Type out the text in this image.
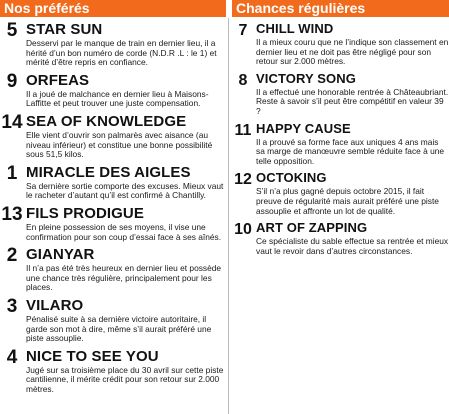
Nos préférés
5 STAR SUN
Desservi par le manque de train en dernier lieu, il a hérité d’un bon numéro de corde (N.D.R .L : le 1) et mérité d’être repris en confiance.
9 ORFEAS
Il a joué de malchance en dernier lieu à Maisons-Laffitte et peut trouver une juste compensation.
14 SEA OF KNOWLEDGE
Elle vient d’ouvrir son palmarès avec aisance (au niveau inférieur) et constitue une bonne possibilité sous 51,5 kilos.
1 MIRACLE DES AIGLES
Sa dernière sortie comporte des excuses. Mieux vaut le racheter d’autant qu’il est confirmé à Chantilly.
13 FILS PRODIGUE
En pleine possession de ses moyens, il vise une confirmation pour son coup d’essai face à ses aînés.
2 GIANYAR
Il n’a pas été très heureux en dernier lieu et possède une chance très régulière, principalement pour les places.
3 VILARO
Pénalisé suite à sa dernière victoire autoritaire, il garde son mot à dire, même s’il aurait préféré une piste assouplie.
4 NICE TO SEE YOU
Jugé sur sa troisième place du 30 avril sur cette piste cantilienne, il mérite crédit pour son retour sur 2.000 mètres.
Chances régulières
7 CHILL WIND
Il a mieux couru que ne l’indique son classement en dernier lieu et ne doit pas être négligé pour son retour sur 2.000 mètres.
8 VICTORY SONG
Il a effectué une honorable rentrée à Châteaubriant. Reste à savoir s’il peut être compétitif en valeur 39 ?
11 HAPPY CAUSE
Il a prouvé sa forme face aux uniques 4 ans mais sa marge de manœuvre semble réduite face à une telle opposition.
12 OCTOKING
S’il n’a plus gagné depuis octobre 2015, il fait preuve de régularité mais aurait préféré une piste assouplie et affronte un lot de qualité.
10 ART OF ZAPPING
Ce spécialiste du sable effectue sa rentrée et mieux vaut le revoir dans d’autres circonstances.
